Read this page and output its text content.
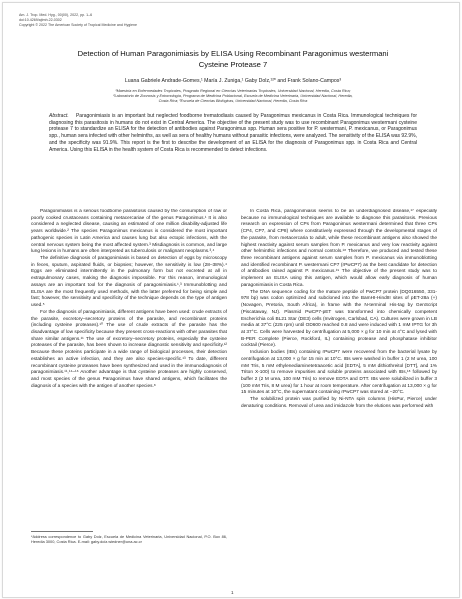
Am. J. Trop. Med. Hyg., 00(00), 2022, pp. 1–6
doi:10.4269/ajtmh.22-0302
Copyright © 2022 The American Society of Tropical Medicine and Hygiene
Detection of Human Paragonimiasis by ELISA Using Recombinant Paragonimus westermani
Cysteine Protease 7
Luana Gabriele Andrade-Gomes,¹ María J. Zuniga,¹ Gaby Dolz,¹²* and Frank Solano-Campos³
¹Maestría en Enfermedades Tropicales, Posgrado Regional en Ciencias Veterinarias Tropicales, Universidad Nacional, Heredia, Costa Rica;
²Laboratorio de Zoonosis y Entomología, Programa de Medicina Poblacional, Escuela de Medicina Veterinaria, Universidad Nacional, Heredia,
Costa Rica; ³Escuela de Ciencias Biológicas, Universidad Nacional, Heredia, Costa Rica
Abstract. Paragonimiasis is an important but neglected foodborne trematodiasis caused by Paragonimus mexicanus in Costa Rica. Immunological techniques for diagnosing this parasitosis in humans do not exist in Central America. The objective of the present study was to use recombinant Paragonimus westermani cysteine protease 7 to standardize an ELISA for the detection of antibodies against Paragonimus spp. Human sera positive for P. westermani, P. mexicanus, or Paragonimus spp., human sera infected with other helminths, as well as sera of healthy humans without parasitic infections, were analyzed. The sensitivity of the ELISA was 92.9%, and the specificity was 91.9%. This report is the first to describe the development of an ELISA for the diagnosis of Paragonimus spp. in Costa Rica and Central America. Using this ELISA in the health system of Costa Rica is recommended to detect infections.

Paragonimiasis is a serious foodborne parasitosis caused by the consumption of raw or poorly cooked crustaceans containing metacercariae of the genus Paragonimus.¹ It is also considered a neglected disease, causing an estimated of one million disability-adjusted life years worldwide.² The species Paragonimus mexicanus is considered the most important pathogenic species in Latin America and causes lung but also ectopic infections, with the central nervous system being the most affected system.³ Misdiagnosis is common, and large lung lesions in humans are often interpreted as tuberculosis or malignant neoplasms.³,⁴

The definitive diagnosis of paragonimiasis is based on detection of eggs by microscopy in feces, sputum, aspirated fluids, or biopsies; however, the sensitivity is low (28–38%).⁴ Eggs are eliminated intermittently in the pulmonary form but not excreted at all in extrapulmonary cases, making the diagnosis impossible. For this reason, immunological assays are an important tool for the diagnosis of paragonimiasis.¹,³ Immunoblotting and ELISA are the most frequently used methods, with the latter preferred for being simple and fast; however, the sensitivity and specificity of the technique depends on the type of antigen used.⁵

For the diagnosis of paragonimiasis, different antigens have been used: crude extracts of the parasite, excretory–secretory proteins of the parasite, and recombinant proteins (including cysteine proteases).¹⁰ The use of crude extracts of the parasite has the disadvantage of low specificity because they present cross-reactions with other parasites that share similar antigens.¹¹ The use of excretory–secretory proteins, especially the cysteine proteases of the parasite, has been shown to increase diagnostic sensitivity and specificity.¹² Because these proteins participate in a wide range of biological processes, their detection establishes an active infection, and they are also species-specific.¹³ To date, different recombinant cysteine proteases have been synthesized and used in the immunodiagnosis of paragonimiasis.¹¹,¹⁴–¹⁶ Another advantage is that cysteine proteases are highly conserved, and most species of the genus Paragonimus have shared antigens, which facilitates the diagnosis of a species with the antigen of another species.⁸

*Address correspondence to Gaby Dolz, Escuela de Medicina Veterinaria, Universidad Nacional, P.O. Box 86, Heredia 3000, Costa Rica. E-mail: gaby.dolz.wiedner@una.ac.cr

In Costa Rica, paragonimiasis seems to be an underdiagnosed disease,¹⁷ especially because no immunological techniques are available to diagnose this parasitosis. Previous research on expression of CPs from Paragonimus westermani determined that three CPs (CP4, CP7, and CP8) where constitutively expressed through the developmental stages of the parasite, from metacercaria to adult, while these recombinant antigens also showed the highest reactivity against serum samples from P. mexicanus and very low reactivity against other helminthic infections and normal controls.¹⁸ Therefore, we produced and tested these three recombinant antigens against serum samples from P. mexicanus via immunoblotting and identified recombinant P. westermani CP7 (rPwCP7) as the best candidate for detection of antibodies raised against P. mexicanus.¹⁹ The objective of the present study was to implement an ELISA using this antigen, which would allow early diagnosis of human paragonimiasis in Costa Rica.

The DNA sequence coding for the mature peptide of PwCP7 protein (DQ016550, 331-978 bp) was codon optimized and subcloned into the BamHI-HindIII sites of pET-28a (+) (Novagen, Pretoria, South Africa), in frame with the N-terminal His-tag by GenScript (Piscataway, NJ). Plasmid PwCP7-pET was transformed into chemically competent Escherichia coli BL21 Star (DE3) cells (Invitrogen, Carlsbad, CA). Cultures were grown in LB media at 37°C (225 rpm) until OD600 reached 0.8 and were induced with 1 mM IPTG for 3h at 37°C. Cells were harvested by centrifugation at 5,000 × g for 10 min at 4°C and lysed with B-PER Complete (Pierce, Rockford, IL) containing protease and phosphatase inhibitor cocktail (Pierce).

Inclusion bodies (IBs) containing rPwCP7 were recovered from the bacterial lysate by centrifugation at 13,000 × g for 15 min at 10°C. IBs were washed in buffer 1 (2 M urea, 100 mM Tris, 5 mM ethylenediaminetetraacetic acid [EDTA], 5 mM dithiothreitol [DTT], and 1% Triton X-100) to remove impurities and soluble proteins associated with IBs,¹⁸ followed by buffer 2 (2 M urea, 100 mM Tris) to remove EDTA and DTT. IBs were solubilized in buffer 3 (100 mM Tris, 8 M urea) for 1 hour at room temperature. After centrifugation at 13,000 × g for 15 minutes at 10°C, the supernatant containing rPwCP7 was stored at −20°C.

The solubilized protein was purified by Ni-NTA spin columns (HisPur, Pierce) under denaturing conditions. Removal of urea and imidazole from the elutions was performed with

1
